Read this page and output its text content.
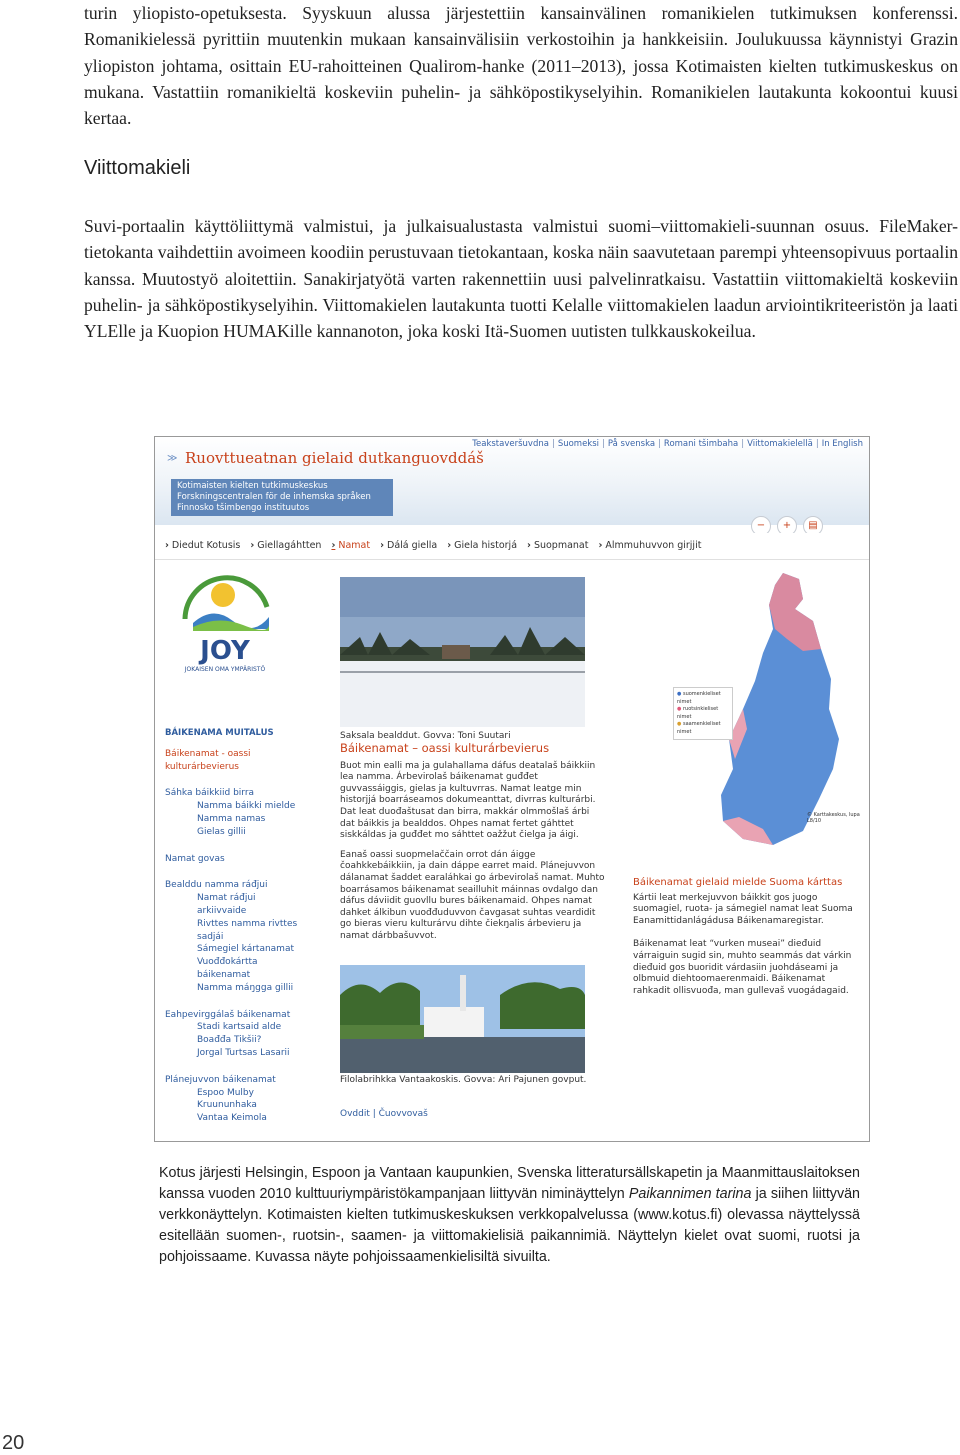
turin yliopisto-opetuksesta. Syyskuun alussa järjestettiin kansainvälinen romanikielen tutkimuksen konferenssi. Romanikielessä pyrittiin muutenkin mukaan kansainvälisiin verkostoihin ja hankkeisiin. Joulukuussa käynnistyi Grazin yliopiston johtama, osittain EU-rahoitteinen Qualirom-hanke (2011–2013), jossa Kotimaisten kielten tutkimuskeskus on mukana. Vastattiin romanikieltä koskeviin puhelin- ja sähköpostikyselyihin. Romanikielen lautakunta kokoontui kuusi kertaa.

Viittomakieli

Suvi-portaalin käyttöliittymä valmistui, ja julkaisualustasta valmistui suomi–viittomakieli-suunnan osuus. FileMaker-tietokanta vaihdettiin avoimeen koodiin perustuvaan tietokantaan, koska näin saavutetaan parempi yhteensopivuus portaalin kanssa. Muutostyö aloitettiin. Sanakirjatyötä varten rakennettiin uusi palvelinratkaisu. Vastattiin viittomakieltä koskeviin puhelin- ja sähköpostikyselyihin. Viittomakielen lautakunta tuotti Kelalle viittomakielen laadun arviointikriteeristön ja laati YLElle ja Kuopion HUMAKille kannanoton, joka koski Itä-Suomen uutisten tulkkauskokeilua.

Teakstaveršuvdna | Suomeksi | På svenska | Romani tšimbaha | Viittomakielellä | In English
≫ Ruovttueatnan gielaid dutkanguovddáš
Kotimaisten kielten tutkimuskeskus
Forskningscentralen för de inhemska språken
Finnosko tšimbengo instituutos
− + ▤
› Diedut Kotusis › Giellagáhtten › Namat › Dálá giella › Giela historjá › Suopmanat › Almmuhuvvon girjjit
JOY
JOKAISEN OMA YMPÄRISTÖ
● suomenkieliset nimet
● ruotsinkieliset nimet
● saamenkieliset nimet
© Karttakeskus, lupa L8/10
BÁIKENAMA MUITALUS
Báikenamat - oassi kulturárbevierus
Sáhka báikkiid birra
Namma báikki mielde
Namma namas
Gielas gillii
Namat govas
Bealddu namma ráđjui
Namat ráđjui
arkiivvaide
Rivttes namma rivttes
sadjái
Sámegiel kártanamat
Vuođđokártta
báikenamat
Namma máŋgga gillii
Eahpevirggálaš báikenamat
Stadi kartsaid alde
Boađđa Tikšii?
Jorgal Turtsas Lasarii
Plánejuvvon báikenamat
Espoo Mulby
Kruununhaka
Vantaa Keimola
Saksala bealddut. Govva: Toni Suutari

Báikenamat – oassi kulturárbevierus

Buot min ealli ma ja gulahallama dáfus deatalaš báikkiin lea namma. Árbevirolaš báikenamat guđđet guvvassáiggis, gielas ja kultuvrras. Namat leatge min historjjá boarráseamos dokumeanttat, divrras kulturárbi. Dat leat duođaštusat dan birra, makkár olmmošlaš árbi dat báikkis ja bealddos. Ohpes namat fertet gáhttet siskkáldas ja guđđet mo sáhttet oažžut čielga ja áigi.

Eanaš oassi suopmelaččain orrot dán áigge čoahkkebáikkiin, ja dain dáppe earret maid. Plánejuvvon dálanamat šaddet earaláhkai go árbevirolaš namat. Muhto boarrásamos báikenamat seailluhit máinnas ovdalgo dan dáfus dáviidit guovllu bures báikenamaid. Ohpes namat dahket álkibun vuođđuduvvon čavgasat suhtas veardidit go bieras vieru kulturárvu dihte čiekŋalis árbevieru ja namat dárbbašuvvot.

Filolabrihkka Vantaakoskis. Govva: Ari Pajunen govput.
Ovddit | Čuovvovaš

Báikenamat gielaid mielde Suoma kárttas

Kártii leat merkejuvvon báikkit gos juogo suomagiel, ruota- ja sámegiel namat leat Suoma Eanamittidanlágádusa Báikenamaregistar.

Báikenamat leat “vurken museai” dieđuid várraiguin sugid sin, muhto seammás dat várkin dieđuid gos buoridit várdasiin juohdáseami ja olbmuid diehtoomaerenmaidi. Báikenamat rahkadit ollisvuođa, man gullevaš vuogádagaid.

Kotus järjesti Helsingin, Espoon ja Vantaan kaupunkien, Svenska litteratursällskapetin ja Maanmittauslaitoksen kanssa vuoden 2010 kulttuuriympäristökampanjaan liittyvän niminäyttelyn Paikannimen tarina ja siihen liittyvän verkkonäyttelyn. Kotimaisten kielten tutkimuskeskuksen verkkopalvelussa (www.kotus.fi) olevassa näyttelyssä esitellään suomen-, ruotsin-, saamen- ja viittomakielisiä paikannimiä. Näyttelyn kielet ovat suomi, ruotsi ja pohjoissaame. Kuvassa näyte pohjoissaamenkielisiltä sivuilta.
20
